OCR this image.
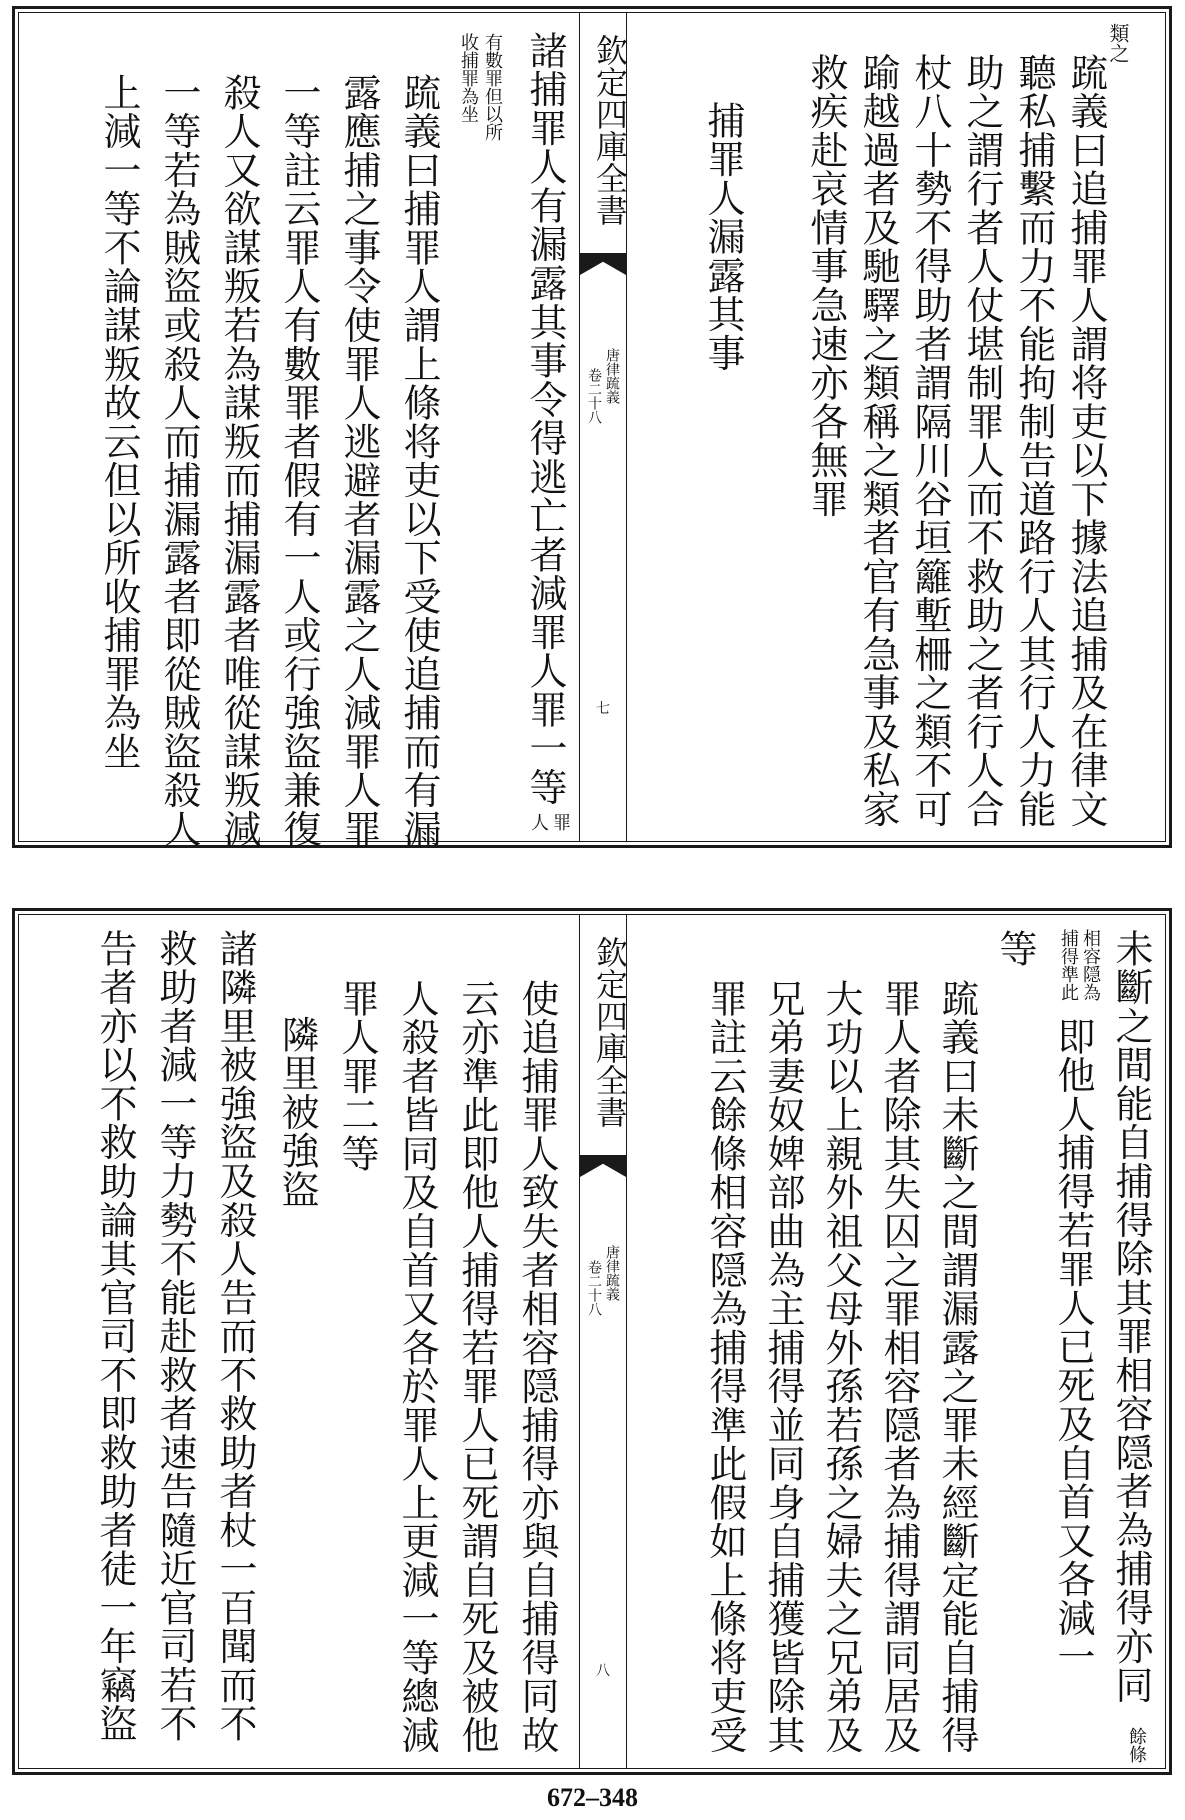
類之
䟽義曰追捕罪人謂将吏以下據法追捕及在律文
聽私捕繫而力不能拘制告道路行人其行人力能
助之謂行者人仗堪制罪人而不救助之者行人合
杖八十勢不得助者謂隔川谷垣籬塹柵之類不可
踰越過者及馳驛之類稱之類者官有急事及私家
救疾赴哀情事急速亦各無罪
捕罪人漏露其事
欽定四庫全書
唐律䟽義
卷二十八
七
諸捕罪人有漏露其事令得逃亡者減罪人罪一等
罪人
有數罪但以所
收捕罪為坐
䟽義曰捕罪人謂上條将吏以下受使追捕而有漏
露應捕之事令使罪人逃避者漏露之人減罪人罪
一等註云罪人有數罪者假有一人或行強盜兼復
殺人又欲謀叛若為謀叛而捕漏露者唯從謀叛減
一等若為賊盜或殺人而捕漏露者即從賊盜殺人
上減一等不論謀叛故云但以所收捕罪為坐
未斷之間能自捕得除其罪相容隠者為捕得亦同
餘條
相容隠為
捕得準此
即他人捕得若罪人已死及自首又各減一
等
䟽義曰未斷之間謂漏露之罪未經斷定能自捕得
罪人者除其失囚之罪相容隠者為捕得謂同居及
大功以上親外祖父母外孫若孫之婦夫之兄弟及
兄弟妻奴婢部曲為主捕得並同身自捕獲皆除其
罪註云餘條相容隠為捕得準此假如上條将吏受
欽定四庫全書
唐律䟽義
卷二十八
八
使追捕罪人致失者相容隠捕得亦與自捕得同故
云亦準此即他人捕得若罪人已死謂自死及被他
人殺者皆同及自首又各於罪人上更減一等總減
罪人罪二等
隣里被強盜
諸隣里被強盜及殺人告而不救助者杖一百聞而不
救助者減一等力勢不能赴救者速告隨近官司若不
告者亦以不救助論其官司不即救助者徒一年竊盜
672–348
